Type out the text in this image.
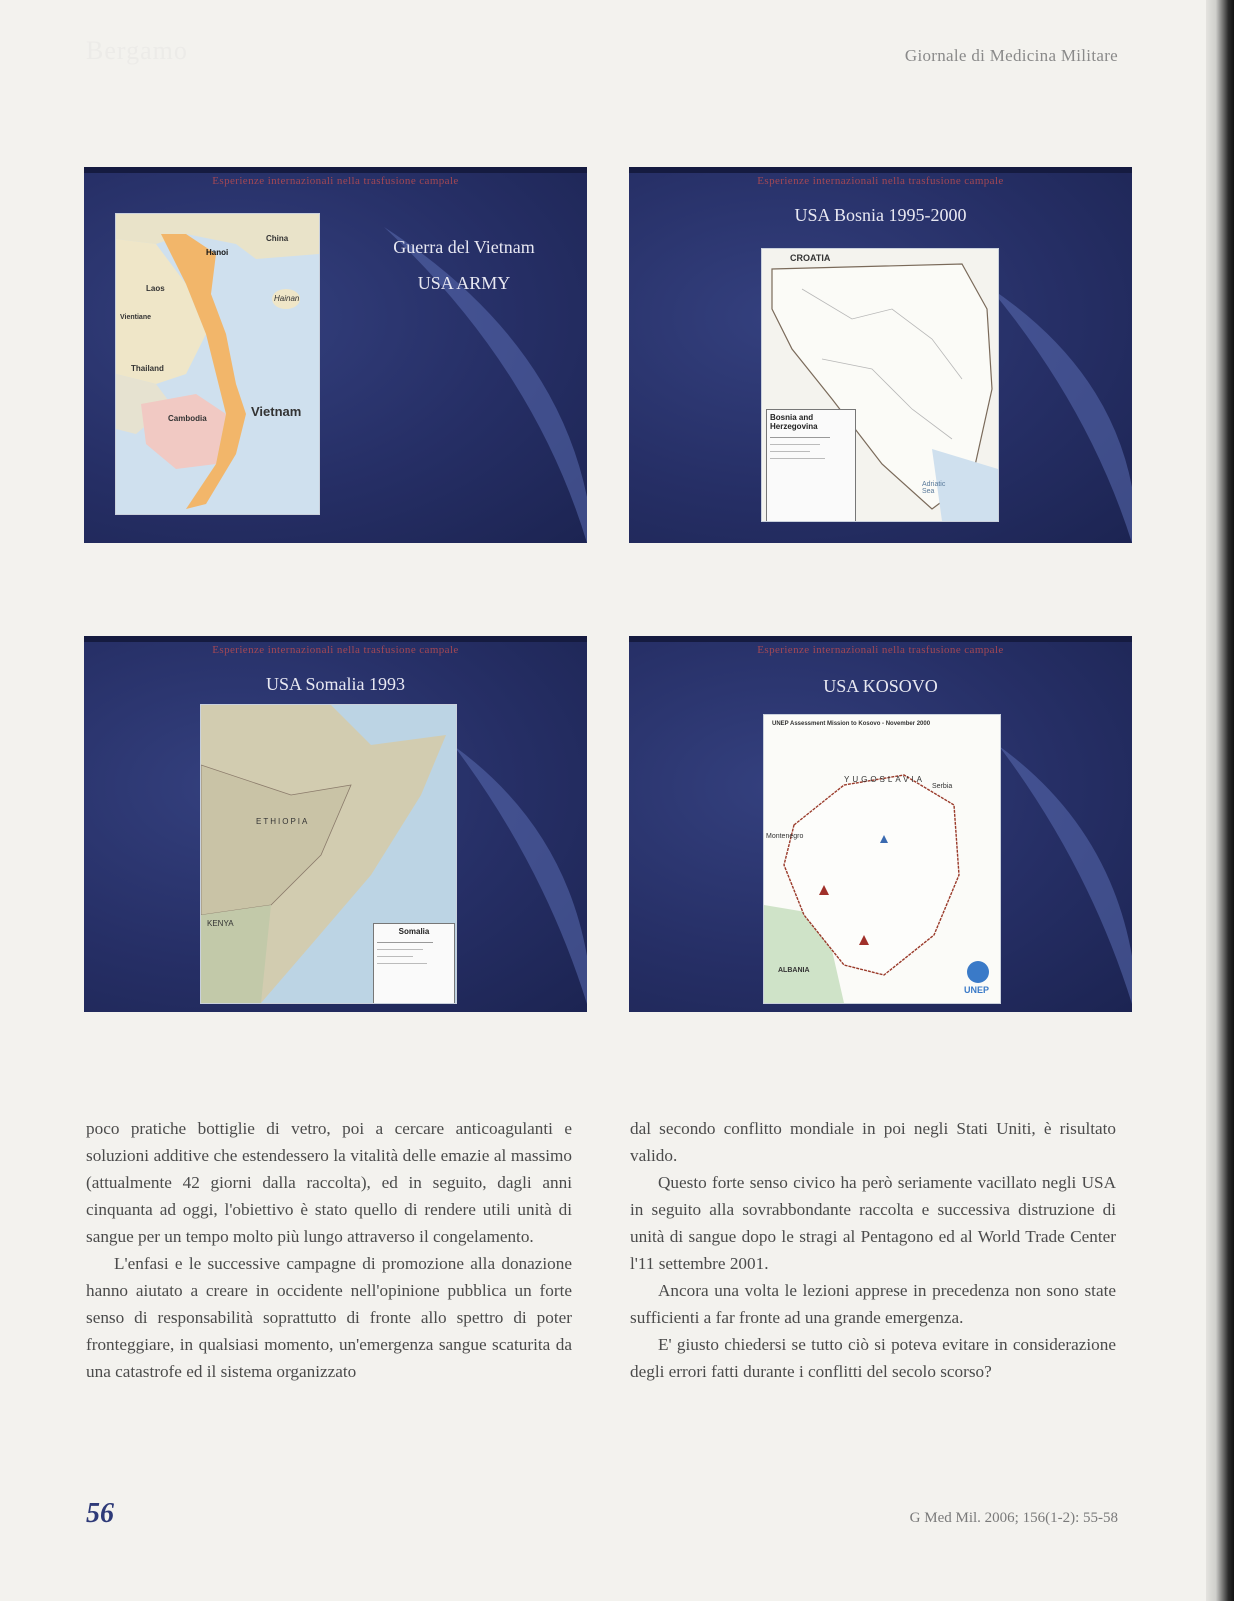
Bergamo	Giornale di Medicina Militare
Esperienze internazionali nella trasfusione campale
Guerra del Vietnam
USA ARMY
China
Laos
Thailand
Cambodia	Vietnam
Hanoi
Vientiane
Hainan
Esperienze internazionali nella trasfusione campale
USA Bosnia 1995-2000
CROATIA
Bosnia and Herzegovina
Adriatic Sea
Esperienze internazionali nella trasfusione campale
USA Somalia 1993
ETHIOPIA
KENYA
Somalia
Esperienze internazionali nella trasfusione campale
USA KOSOVO
UNEP Assessment Mission to Kosovo - November 2000
YUGOSLAVIA
Serbia
Montenegro
ALBANIA
UNEP

poco pratiche bottiglie di vetro, poi a cercare anticoagulanti e soluzioni additive che estendessero la vitalità delle emazie al massimo (attualmente 42 giorni dalla raccolta), ed in seguito, dagli anni cinquanta ad oggi, l'obiettivo è stato quello di rendere utili unità di sangue per un tempo molto più lungo attraverso il congelamento.

L'enfasi e le successive campagne di promozione alla donazione hanno aiutato a creare in occidente nell'opinione pubblica un forte senso di responsabilità soprattutto di fronte allo spettro di poter fronteggiare, in qualsiasi momento, un'emergenza sangue scaturita da una catastrofe ed il sistema organizzato

dal secondo conflitto mondiale in poi negli Stati Uniti, è risultato valido.

Questo forte senso civico ha però seriamente vacillato negli USA in seguito alla sovrabbondante raccolta e successiva distruzione di unità di sangue dopo le stragi al Pentagono ed al World Trade Center l'11 settembre 2001.

Ancora una volta le lezioni apprese in precedenza non sono state sufficienti a far fronte ad una grande emergenza.

E' giusto chiedersi se tutto ciò si poteva evitare in considerazione degli errori fatti durante i conflitti del secolo scorso?

56	G Med Mil. 2006; 156(1-2): 55-58
